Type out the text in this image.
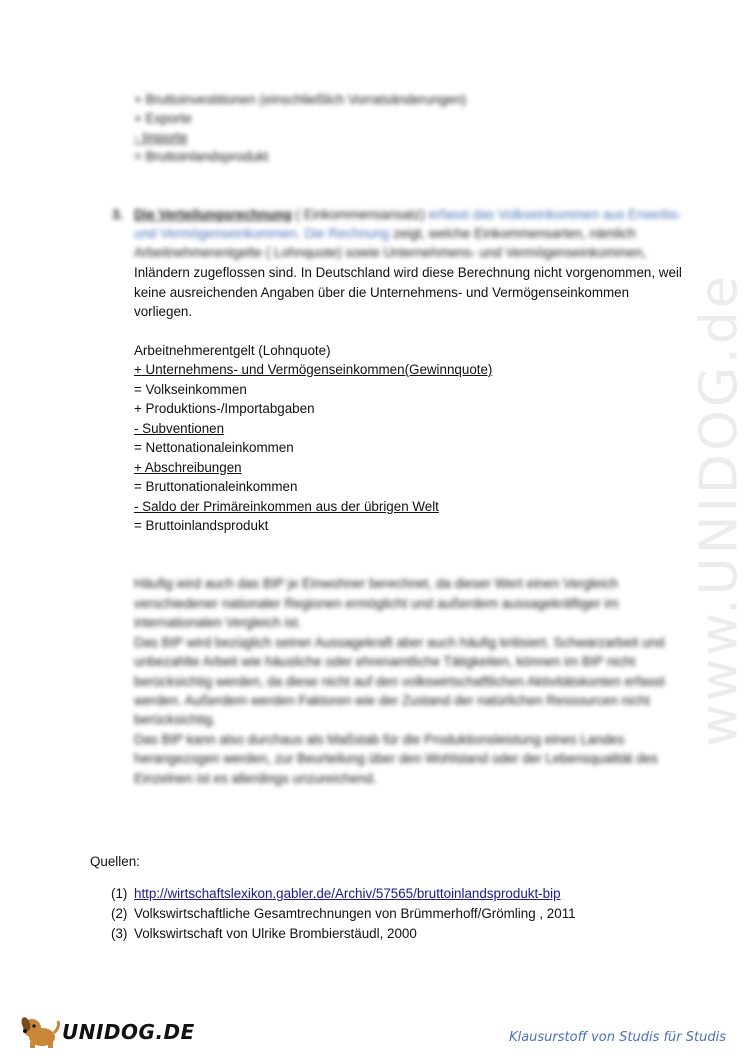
+ Bruttoinvestitionen (einschließlich Vorratsänderungen)
+ Exporte
- Importe
= Bruttoinlandsprodukt
3. Die Verteilungsrechnung ( Einkommensansatz) erfasst das Volkseinkommen aus Erwerbs-
und Vermögenseinkommen. Die Rechnung zeigt, welche Einkommensarten, nämlich
Arbeitnehmerentgelte ( Lohnquote) sowie Unternehmens- und Vermögenseinkommen,
Inländern zugeflossen sind. In Deutschland wird diese Berechnung nicht vorgenommen, weil
keine ausreichenden Angaben über die Unternehmens- und Vermögenseinkommen
vorliegen.
Arbeitnehmerentgelt (Lohnquote)
+ Unternehmens- und Vermögenseinkommen(Gewinnquote)
= Volkseinkommen
+ Produktions-/Importabgaben
- Subventionen
= Nettonationaleinkommen
+ Abschreibungen
= Bruttonationaleinkommen
- Saldo der Primäreinkommen aus der übrigen Welt
= Bruttoinlandsprodukt
Häufig wird auch das BIP je Einwohner berechnet, da dieser Wert einen Vergleich
verschiedener nationaler Regionen ermöglicht und außerdem aussagekräftiger im
internationalen Vergleich ist.
Das BIP wird bezüglich seiner Aussagekraft aber auch häufig kritisiert. Schwarzarbeit und
unbezahlte Arbeit wie häusliche oder ehrenamtliche Tätigkeiten, können im BIP nicht
berücksichtig werden, da diese nicht auf den volkswirtschaftlichen Aktivitätskonten erfasst
werden. Außerdem werden Faktoren wie der Zustand der natürlichen Ressourcen nicht
berücksichtig.
Das BIP kann also durchaus als Maßstab für die Produktionsleistung eines Landes
herangezogen werden, zur Beurteilung über den Wohlstand oder der Lebensqualität des
Einzelnen ist es allerdings unzureichend.
Quellen:
(1) http://wirtschaftslexikon.gabler.de/Archiv/57565/bruttoinlandsprodukt-bip
(2) Volkswirtschaftliche Gesamtrechnungen von Brümmerhoff/Grömling , 2011
(3) Volkswirtschaft von Ulrike Brombierstäudl, 2000
www.UNIDOG.de
UNIDOG.DE	Klausurstoff von Studis für Studis
